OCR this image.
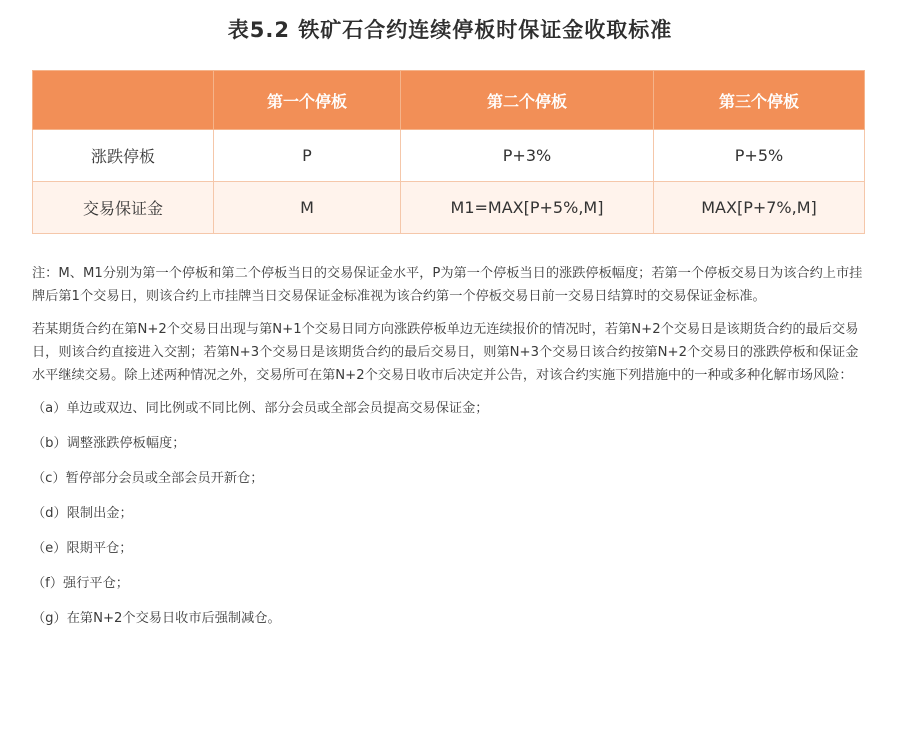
表5.2 铁矿石合约连续停板时保证金收取标准
	第一个停板	第二个停板	第三个停板
涨跌停板	P	P+3%	P+5%
交易保证金	M	M1=MAX[P+5%,M]	MAX[P+7%,M]

注：M、M1分别为第一个停板和第二个停板当日的交易保证金水平，P为第一个停板当日的涨跌停板幅度；若第一个停板交易日为该合约上市挂牌后第1个交易日，则该合约上市挂牌当日交易保证金标准视为该合约第一个停板交易日前一交易日结算时的交易保证金标准。

若某期货合约在第N+2个交易日出现与第N+1个交易日同方向涨跌停板单边无连续报价的情况时，若第N+2个交易日是该期货合约的最后交易日，则该合约直接进入交割；若第N+3个交易日是该期货合约的最后交易日，则第N+3个交易日该合约按第N+2个交易日的涨跌停板和保证金水平继续交易。除上述两种情况之外，交易所可在第N+2个交易日收市后决定并公告，对该合约实施下列措施中的一种或多种化解市场风险：

（a）单边或双边、同比例或不同比例、部分会员或全部会员提高交易保证金；
（b）调整涨跌停板幅度；
（c）暂停部分会员或全部会员开新仓；
（d）限制出金；
（e）限期平仓；
（f）强行平仓；
（g）在第N+2个交易日收市后强制减仓。
